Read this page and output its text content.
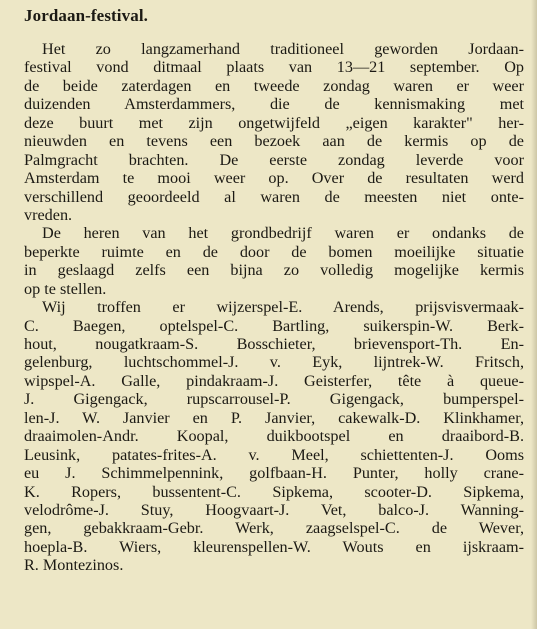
Jordaan-festival.
Het zo langzamerhand traditioneel geworden Jordaan-
festival vond ditmaal plaats van 13—21 september. Op
de beide zaterdagen en tweede zondag waren er weer
duizenden Amsterdammers, die de kennismaking met
deze buurt met zijn ongetwijfeld „eigen karakter" her-
nieuwden en tevens een bezoek aan de kermis op de
Palmgracht brachten. De eerste zondag leverde voor
Amsterdam te mooi weer op. Over de resultaten werd
verschillend geoordeeld al waren de meesten niet onte-
vreden.
De heren van het grondbedrijf waren er ondanks de
beperkte ruimte en de door de bomen moeilijke situatie
in geslaagd zelfs een bijna zo volledig mogelijke kermis
op te stellen.
Wij troffen er wijzerspel-E. Arends, prijsvisvermaak-
C. Baegen, optelspel-C. Bartling, suikerspin-W. Berk-
hout, nougatkraam-S. Bosschieter, brievensport-Th. En-
gelenburg, luchtschommel-J. v. Eyk, lijntrek-W. Fritsch,
wipspel-A. Galle, pindakraam-J. Geisterfer, tête à queue-
J. Gigengack, rupscarrousel-P. Gigengack, bumperspel-
len-J. W. Janvier en P. Janvier, cakewalk-D. Klinkhamer,
draaimolen-Andr. Koopal, duikbootspel en draaibord-B.
Leusink, patates-frites-A. v. Meel, schiettenten-J. Ooms
eu J. Schimmelpennink, golfbaan-H. Punter, holly crane-
K. Ropers, bussentent-C. Sipkema, scooter-D. Sipkema,
velodrôme-J. Stuy, Hoogvaart-J. Vet, balco-J. Wanning-
gen, gebakkraam-Gebr. Werk, zaagselspel-C. de Wever,
hoepla-B. Wiers, kleurenspellen-W. Wouts en ijskraam-
R. Montezinos.
